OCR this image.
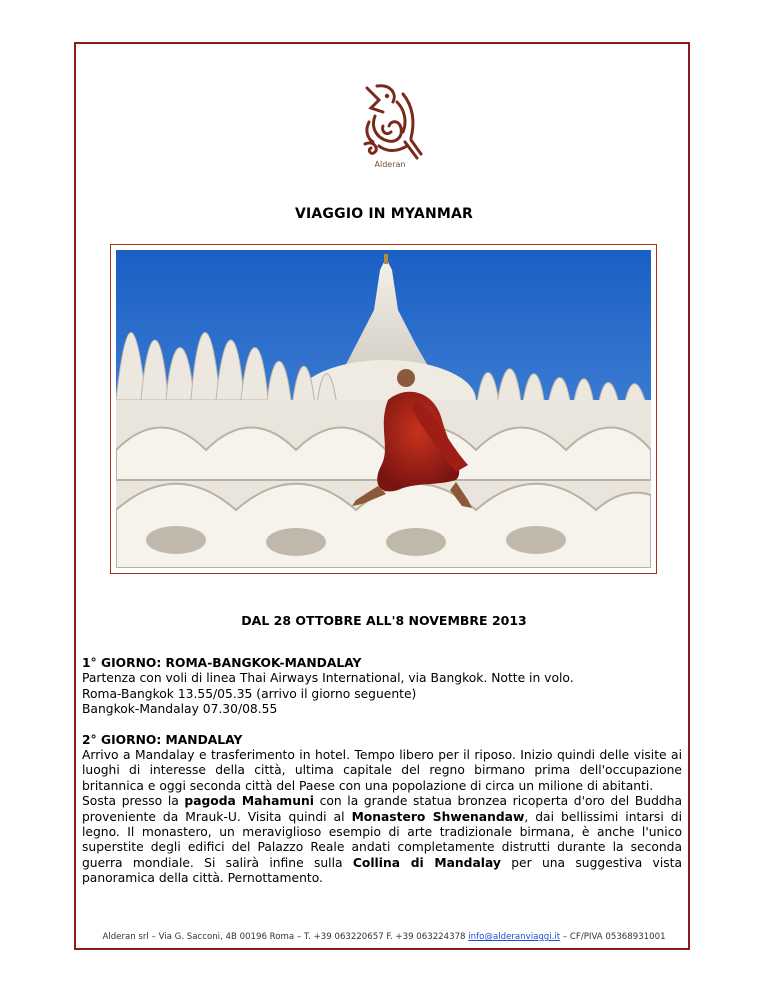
Alderan
VIAGGIO IN MYANMAR
DAL 28 OTTOBRE ALL'8 NOVEMBRE 2013
1° GIORNO: ROMA-BANGKOK-MANDALAY
Partenza con voli di linea Thai Airways International, via Bangkok. Notte in volo.
Roma-Bangkok 13.55/05.35 (arrivo il giorno seguente)
Bangkok-Mandalay 07.30/08.55
2° GIORNO: MANDALAY
Arrivo a Mandalay e trasferimento in hotel. Tempo libero per il riposo. Inizio quindi delle visite ai luoghi di interesse della città, ultima capitale del regno birmano prima dell'occupazione britannica e oggi seconda città del Paese con una popolazione di circa un milione di abitanti.
Sosta presso la pagoda Mahamuni con la grande statua bronzea ricoperta d'oro del Buddha proveniente da Mrauk-U. Visita quindi al Monastero Shwenandaw, dai bellissimi intarsi di legno. Il monastero, un meraviglioso esempio di arte tradizionale birmana, è anche l'unico superstite degli edifici del Palazzo Reale andati completamente distrutti durante la seconda guerra mondiale. Si salirà infine sulla Collina di Mandalay per una suggestiva vista panoramica della città. Pernottamento.
Alderan srl – Via G. Sacconi, 4B 00196 Roma – T. +39 063220657 F. +39 063224378 info@alderanviaggi.it – CF/PIVA 05368931001
